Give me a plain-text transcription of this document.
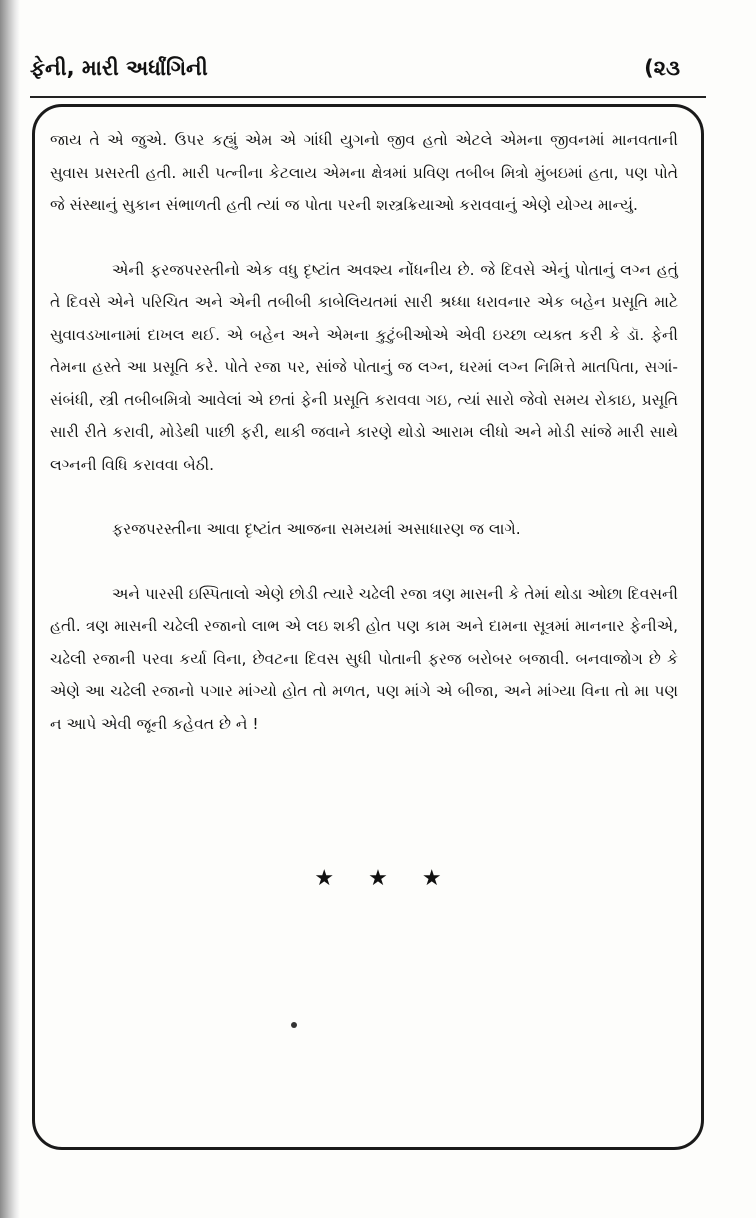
ફેની, મારી અર્ધાંગિની	(૨૩

જાય તે એ જુએ. ઉપર કહ્યું એમ એ ગાંધી યુગનો જીવ હતો એટલે એમના જીવનમાં માનવતાની સુવાસ પ્રસરતી હતી. મારી પત્નીના કેટલાય એમના ક્ષેત્રમાં પ્રવિણ તબીબ મિત્રો મુંબઇમાં હતા, પણ પોતે જે સંસ્થાનું સુકાન સંભાળતી હતી ત્યાં જ પોતા પરની શસ્ત્રક્રિયાઓ કરાવવાનું એણે યોગ્ય માન્યું.

એની ફરજપરસ્તીનો એક વધુ દૃષ્ટાંત અવશ્ય નોંધનીય છે. જે દિવસે એનું પોતાનું લગ્ન હતું તે દિવસે એને પરિચિત અને એની તબીબી કાબેલિયતમાં સારી શ્રધ્ધા ધરાવનાર એક બહેન પ્રસૂતિ માટે સુવાવડખાનામાં દાખલ થઈ. એ બહેન અને એમના કુટુંબીઓએ એવી ઇચ્છા વ્યક્ત કરી કે ડૉ. ફેની તેમના હસ્તે આ પ્રસૂતિ કરે. પોતે રજા પર, સાંજે પોતાનું જ લગ્ન, ઘરમાં લગ્ન નિમિત્તે માતપિતા, સગાં-સંબંધી, સ્ત્રી તબીબમિત્રો આવેલાં એ છતાં ફેની પ્રસૂતિ કરાવવા ગઇ, ત્યાં સારો જેવો સમય રોકાઇ, પ્રસૂતિ સારી રીતે કરાવી, મોડેથી પાછી ફરી, થાકી જવાને કારણે થોડો આરામ લીધો અને મોડી સાંજે મારી સાથે લગ્નની વિધિ કરાવવા બેઠી.

ફરજપરસ્તીના આવા દૃષ્ટાંત આજના સમયમાં અસાધારણ જ લાગે.

અને પારસી ઇસ્પિતાલો એણે છોડી ત્યારે ચઢેલી રજા ત્રણ માસની કે તેમાં થોડા ઓછા દિવસની હતી. ત્રણ માસની ચઢેલી રજાનો લાભ એ લઇ શકી હોત પણ કામ અને દામના સૂત્રમાં માનનાર ફેનીએ, ચઢેલી રજાની પરવા કર્યા વિના, છેવટના દિવસ સુધી પોતાની ફરજ બરોબર બજાવી. બનવાજોગ છે કે એણે આ ચઢેલી રજાનો પગાર માંગ્યો હોત તો મળત, પણ માંગે એ બીજા, અને માંગ્યા વિના તો મા પણ ન આપે એવી જૂની કહેવત છે ને !

★★★
